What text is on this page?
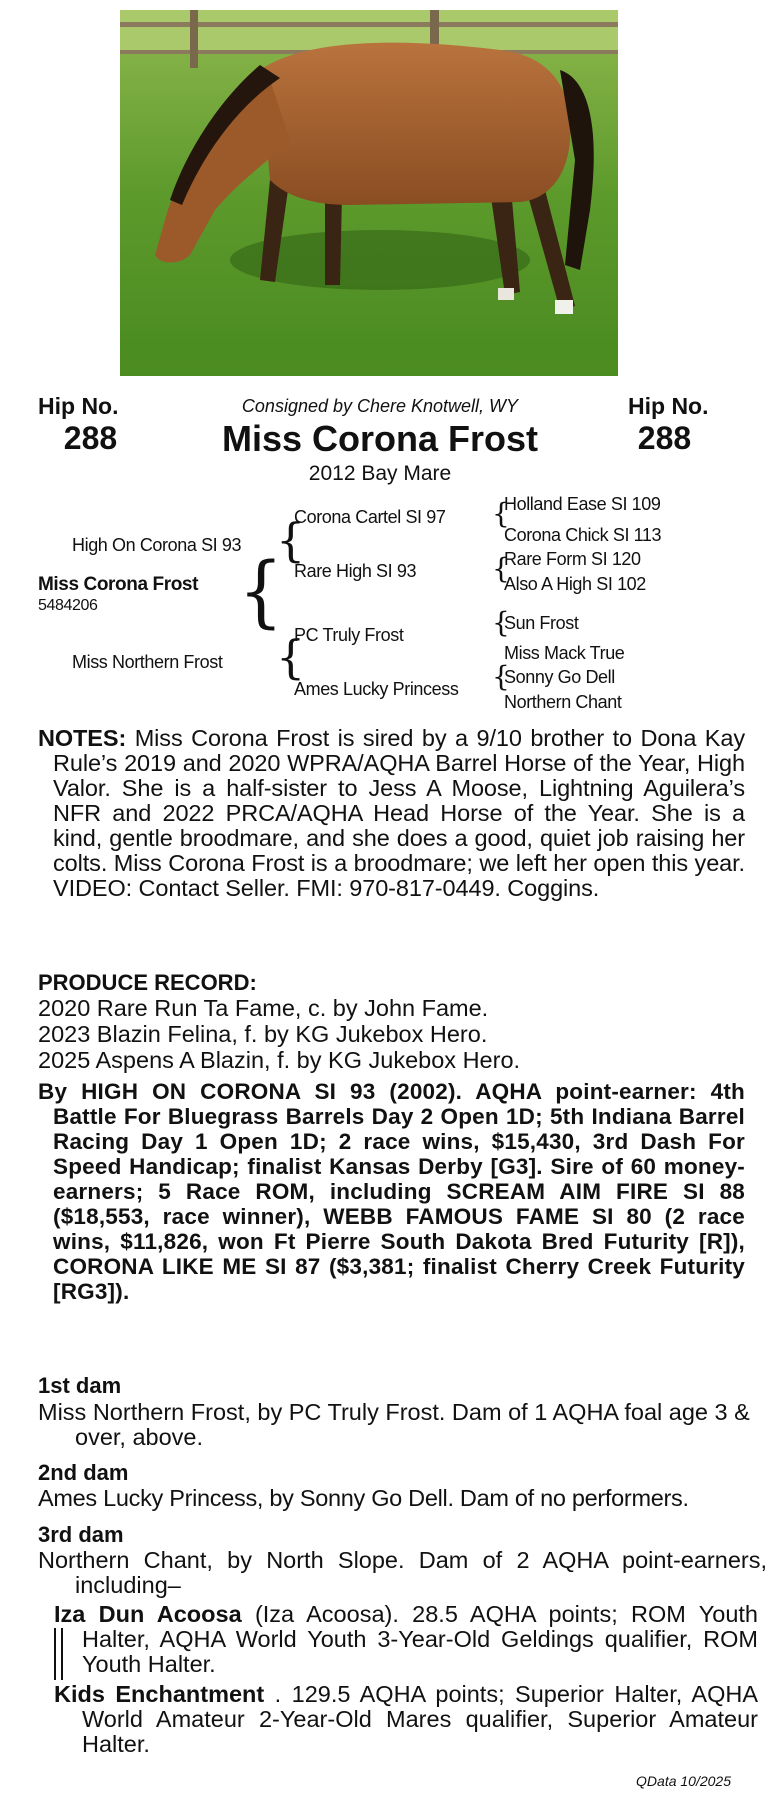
Hip No.
288
Hip No.
288
Consigned by Chere Knotwell, WY
Miss Corona Frost
2012 Bay Mare
High On Corona SI 93
Miss Corona Frost
5484206
Miss Northern Frost
{
{
{
Corona Cartel SI 97
Rare High SI 93
PC Truly Frost
Ames Lucky Princess
{
{
{
{
Holland Ease SI 109
Corona Chick SI 113
Rare Form SI 120
Also A High SI 102
Sun Frost
Miss Mack True
Sonny Go Dell
Northern Chant
NOTES: Miss Corona Frost is sired by a 9/10 brother to Dona Kay Rule’s 2019 and 2020 WPRA/AQHA Barrel Horse of the Year, High Valor. She is a half-sister to Jess A Moose, Lightning Aguilera’s NFR and 2022 PRCA/AQHA Head Horse of the Year. She is a kind, gentle broodmare, and she does a good, quiet job raising her colts. Miss Corona Frost is a broodmare; we left her open this year. VIDEO: Contact Seller. FMI: 970-817-0449. Coggins.
PRODUCE RECORD:
2020 Rare Run Ta Fame, c. by John Fame.
2023 Blazin Felina, f. by KG Jukebox Hero.
2025 Aspens A Blazin, f. by KG Jukebox Hero.
By HIGH ON CORONA SI 93 (2002). AQHA point-earner: 4th Battle For Bluegrass Barrels Day 2 Open 1D; 5th Indiana Barrel Racing Day 1 Open 1D; 2 race wins, $15,430, 3rd Dash For Speed Handicap; finalist Kansas Derby [G3]. Sire of 60 money-earners; 5 Race ROM, including SCREAM AIM FIRE SI 88 ($18,553, race winner), WEBB FAMOUS FAME SI 80 (2 race wins, $11,826, won Ft Pierre South Dakota Bred Futurity [R]), CORONA LIKE ME SI 87 ($3,381; finalist Cherry Creek Futurity [RG3]).
1st dam
Miss Northern Frost, by PC Truly Frost. Dam of 1 AQHA foal age 3 & over, above.
2nd dam
Ames Lucky Princess, by Sonny Go Dell. Dam of no performers.
3rd dam
Northern Chant, by North Slope. Dam of 2 AQHA point-earners, including–
Iza Dun Acoosa (Iza Acoosa). 28.5 AQHA points; ROM Youth Halter, AQHA World Youth 3-Year-Old Geldings qualifier, ROM Youth Halter.
Kids Enchantment . 129.5 AQHA points; Superior Halter, AQHA World Amateur 2-Year-Old Mares qualifier, Superior Amateur Halter.
QData 10/2025
